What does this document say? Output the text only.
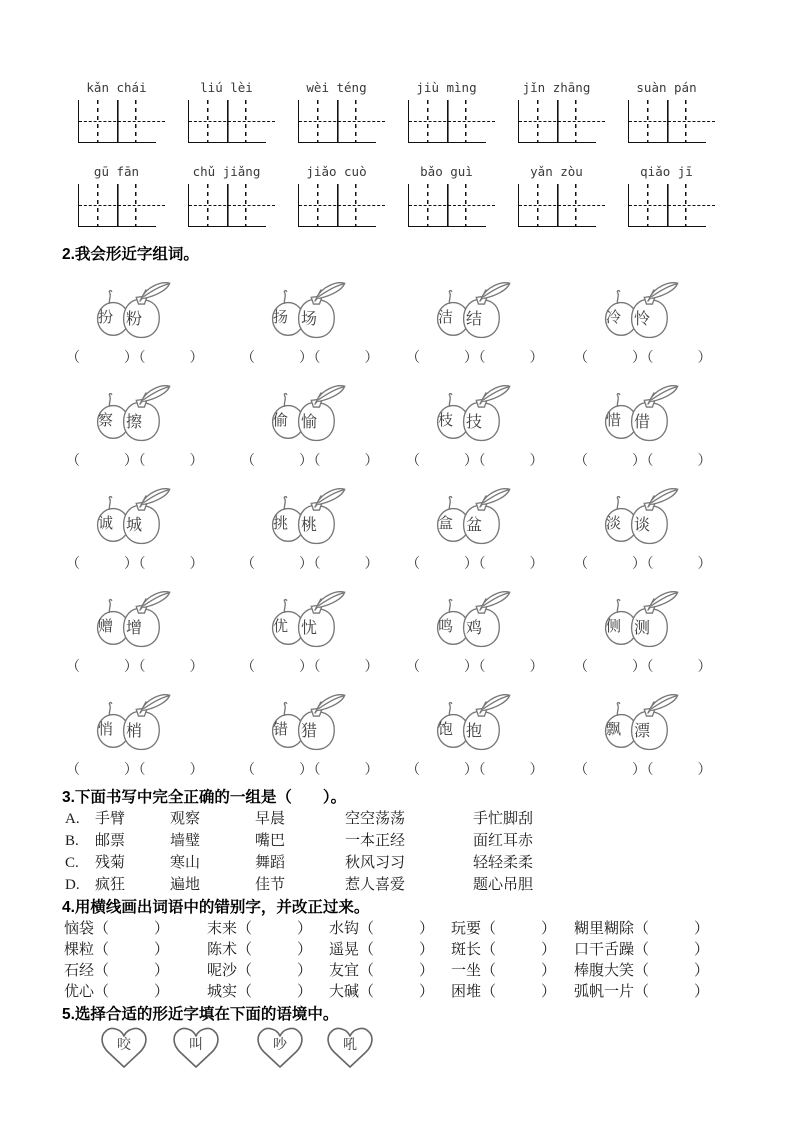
kǎn chái	liú lèi	wèi téng	jiù mìng	jǐn zhāng	suàn pán
gū fān	chǔ jiǎng	jiǎo cuò	bǎo guì	yǎn zòu	qiǎo jī
2.我会形近字组词。
扮 粉
（　　　）（　　　）
扬 场
（　　　）（　　　）
洁 结
（　　　）（　　　）
冷 怜
（　　　）（　　　）
察 擦
（　　　）（　　　）
偷 愉
（　　　）（　　　）
枝 技
（　　　）（　　　）
惜 借
（　　　）（　　　）
诚 城
（　　　）（　　　）
挑 桃
（　　　）（　　　）
盒 盆
（　　　）（　　　）
淡 谈
（　　　）（　　　）
赠 增
（　　　）（　　　）
优 忧
（　　　）（　　　）
鸣 鸡
（　　　）（　　　）
侧 测
（　　　）（　　　）
悄 梢
（　　　）（　　　）
错 猎
（　　　）（　　　）
饱 抱
（　　　）（　　　）
飘 漂
（　　　）（　　　）
3.下面书写中完全正确的一组是（　　）。
A.	手臂	观察	早晨	空空荡荡	手忙脚刮
B.	邮票	墙璧	嘴巴	一本正经	面红耳赤
C.	残菊	寒山	舞蹈	秋风习习	轻轻柔柔
D.	疯狂	遍地	佳节	惹人喜爱	题心吊胆
4.用横线画出词语中的错别字，并改正过来。
恼袋（　　　）	末来（　　　）	水钩（　　　）	玩要（　　　）	糊里糊除（　　　）
棵粒（　　　）	陈术（　　　）	遥晃（　　　）	斑长（　　　）	口干舌躁（　　　）
石经（　　　）	呢沙（　　　）	友宜（　　　）	一坐（　　　）	棒腹大笑（　　　）
优心（　　　）	城实（　　　）	大碱（　　　）	困堆（　　　）	弧帆一片（　　　）
5.选择合适的形近字填在下面的语境中。
咬	叫	吵	吼
